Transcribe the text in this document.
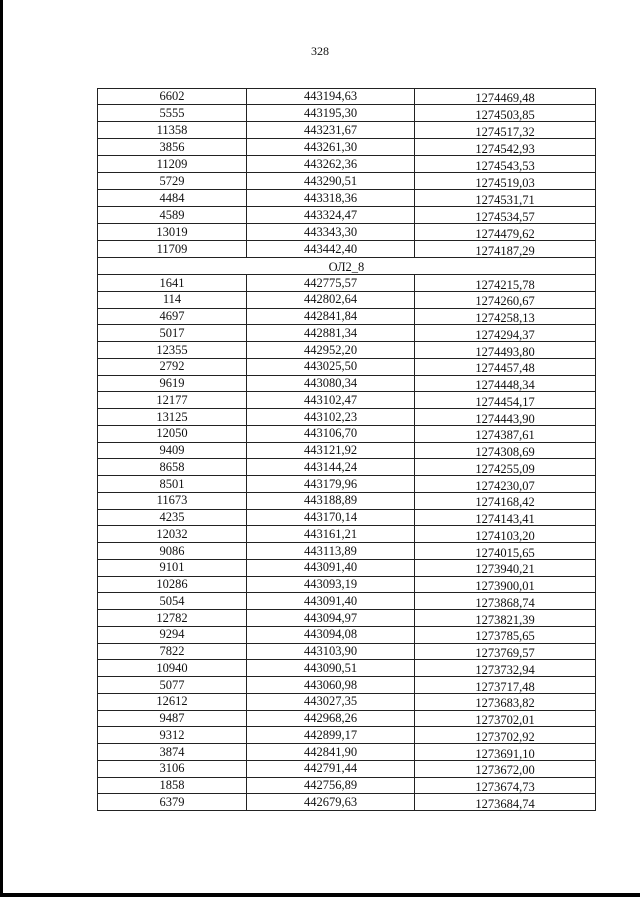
328
6602	443194,63	1274469,48
5555	443195,30	1274503,85
11358	443231,67	1274517,32
3856	443261,30	1274542,93
11209	443262,36	1274543,53
5729	443290,51	1274519,03
4484	443318,36	1274531,71
4589	443324,47	1274534,57
13019	443343,30	1274479,62
11709	443442,40	1274187,29
ОЛ2_8
1641	442775,57	1274215,78
114	442802,64	1274260,67
4697	442841,84	1274258,13
5017	442881,34	1274294,37
12355	442952,20	1274493,80
2792	443025,50	1274457,48
9619	443080,34	1274448,34
12177	443102,47	1274454,17
13125	443102,23	1274443,90
12050	443106,70	1274387,61
9409	443121,92	1274308,69
8658	443144,24	1274255,09
8501	443179,96	1274230,07
11673	443188,89	1274168,42
4235	443170,14	1274143,41
12032	443161,21	1274103,20
9086	443113,89	1274015,65
9101	443091,40	1273940,21
10286	443093,19	1273900,01
5054	443091,40	1273868,74
12782	443094,97	1273821,39
9294	443094,08	1273785,65
7822	443103,90	1273769,57
10940	443090,51	1273732,94
5077	443060,98	1273717,48
12612	443027,35	1273683,82
9487	442968,26	1273702,01
9312	442899,17	1273702,92
3874	442841,90	1273691,10
3106	442791,44	1273672,00
1858	442756,89	1273674,73
6379	442679,63	1273684,74
